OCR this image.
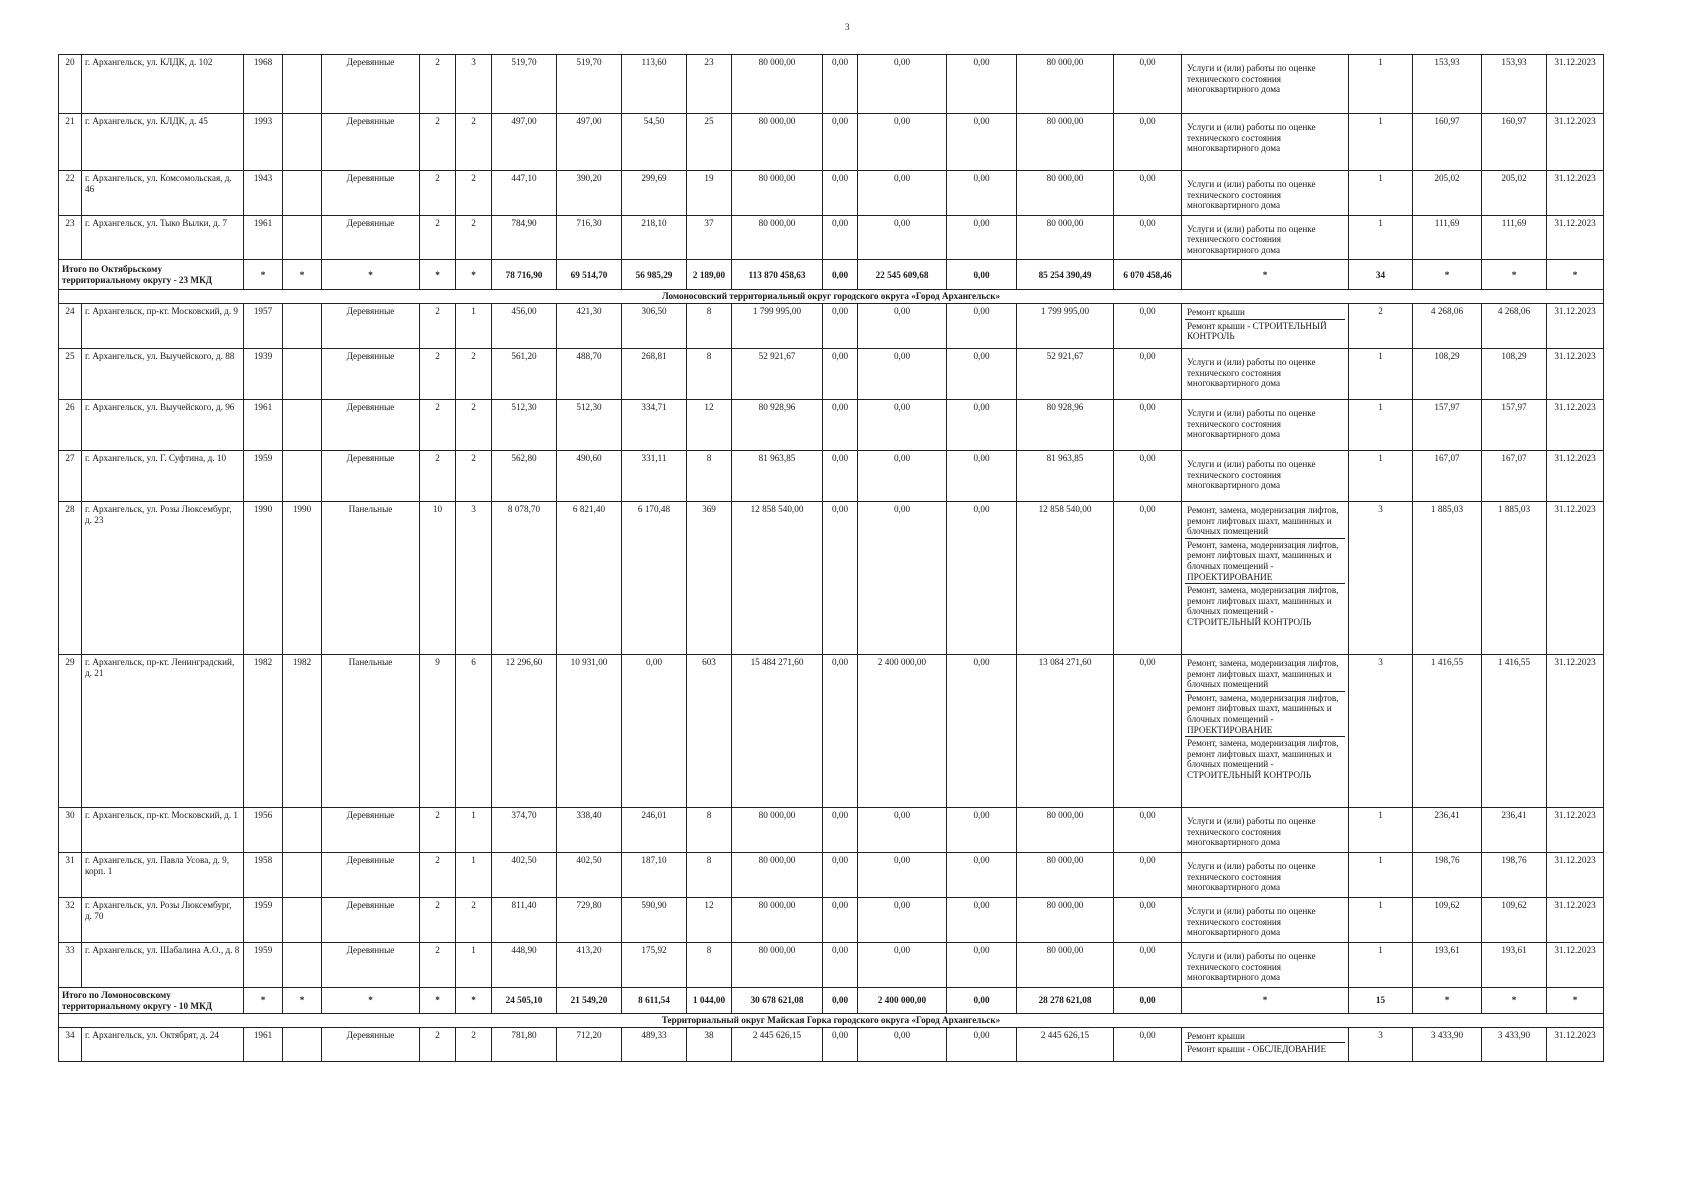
3
20	г. Архангельск, ул. КЛДК, д. 102	1968		Деревянные	2	3	519,70	519,70	113,60	23	80 000,00	0,00	0,00	0,00	80 000,00	0,00	Услуги и (или) работы по оценке технического состояния многоквартирного дома	1	153,93	153,93	31.12.2023
21	г. Архангельск, ул. КЛДК, д. 45	1993		Деревянные	2	2	497,00	497,00	54,50	25	80 000,00	0,00	0,00	0,00	80 000,00	0,00	Услуги и (или) работы по оценке технического состояния многоквартирного дома	1	160,97	160,97	31.12.2023
22	г. Архангельск, ул. Комсомольская, д. 46	1943		Деревянные	2	2	447,10	390,20	299,69	19	80 000,00	0,00	0,00	0,00	80 000,00	0,00	Услуги и (или) работы по оценке технического состояния многоквартирного дома	1	205,02	205,02	31.12.2023
23	г. Архангельск, ул. Тыко Вылки, д. 7	1961		Деревянные	2	2	784,90	716,30	218,10	37	80 000,00	0,00	0,00	0,00	80 000,00	0,00	Услуги и (или) работы по оценке технического состояния многоквартирного дома	1	111,69	111,69	31.12.2023
Итого по Октябрьскому территориальному округу - 23 МКД		*	*	*	*	*	78 716,90	69 514,70	56 985,29	2 189,00	113 870 458,63	0,00	22 545 609,68	0,00	85 254 390,49	6 070 458,46	*	34	*	*	*
Ломоносовский территориальный округ городского округа «Город Архангельск»																					
24	г. Архангельск, пр-кт. Московский, д. 9	1957		Деревянные	2	1	456,00	421,30	306,50	8	1 799 995,00	0,00	0,00	0,00	1 799 995,00	0,00	Ремонт крыши
Ремонт крыши - СТРОИТЕЛЬНЫЙ КОНТРОЛЬ	2	4 268,06	4 268,06	31.12.2023
25	г. Архангельск, ул. Выучейского, д. 88	1939		Деревянные	2	2	561,20	488,70	268,81	8	52 921,67	0,00	0,00	0,00	52 921,67	0,00	Услуги и (или) работы по оценке технического состояния многоквартирного дома	1	108,29	108,29	31.12.2023
26	г. Архангельск, ул. Выучейского, д. 96	1961		Деревянные	2	2	512,30	512,30	334,71	12	80 928,96	0,00	0,00	0,00	80 928,96	0,00	Услуги и (или) работы по оценке технического состояния многоквартирного дома	1	157,97	157,97	31.12.2023
27	г. Архангельск, ул. Г. Суфтина, д. 10	1959		Деревянные	2	2	562,80	490,60	331,11	8	81 963,85	0,00	0,00	0,00	81 963,85	0,00	Услуги и (или) работы по оценке технического состояния многоквартирного дома	1	167,07	167,07	31.12.2023
28	г. Архангельск, ул. Розы Люксембург, д. 23	1990	1990	Панельные	10	3	8 078,70	6 821,40	6 170,48	369	12 858 540,00	0,00	0,00	0,00	12 858 540,00	0,00	Ремонт, замена, модернизация лифтов, ремонт лифтовых шахт, машинных и блочных помещений
Ремонт, замена, модернизация лифтов, ремонт лифтовых шахт, машинных и блочных помещений - ПРОЕКТИРОВАНИЕ
Ремонт, замена, модернизация лифтов, ремонт лифтовых шахт, машинных и блочных помещений - СТРОИТЕЛЬНЫЙ КОНТРОЛЬ	3	1 885,03	1 885,03	31.12.2023
29	г. Архангельск, пр-кт. Ленинградский, д. 21	1982	1982	Панельные	9	6	12 296,60	10 931,00	0,00	603	15 484 271,60	0,00	2 400 000,00	0,00	13 084 271,60	0,00	Ремонт, замена, модернизация лифтов, ремонт лифтовых шахт, машинных и блочных помещений
Ремонт, замена, модернизация лифтов, ремонт лифтовых шахт, машинных и блочных помещений - ПРОЕКТИРОВАНИЕ
Ремонт, замена, модернизация лифтов, ремонт лифтовых шахт, машинных и блочных помещений - СТРОИТЕЛЬНЫЙ КОНТРОЛЬ	3	1 416,55	1 416,55	31.12.2023
30	г. Архангельск, пр-кт. Московский, д. 1	1956		Деревянные	2	1	374,70	338,40	246,01	8	80 000,00	0,00	0,00	0,00	80 000,00	0,00	Услуги и (или) работы по оценке технического состояния многоквартирного дома	1	236,41	236,41	31.12.2023
31	г. Архангельск, ул. Павла Усова, д. 9, корп. 1	1958		Деревянные	2	1	402,50	402,50	187,10	8	80 000,00	0,00	0,00	0,00	80 000,00	0,00	Услуги и (или) работы по оценке технического состояния многоквартирного дома	1	198,76	198,76	31.12.2023
32	г. Архангельск, ул. Розы Люксембург, д. 70	1959		Деревянные	2	2	811,40	729,80	590,90	12	80 000,00	0,00	0,00	0,00	80 000,00	0,00	Услуги и (или) работы по оценке технического состояния многоквартирного дома	1	109,62	109,62	31.12.2023
33	г. Архангельск, ул. Шабалина А.О., д. 8	1959		Деревянные	2	1	448,90	413,20	175,92	8	80 000,00	0,00	0,00	0,00	80 000,00	0,00	Услуги и (или) работы по оценке технического состояния многоквартирного дома	1	193,61	193,61	31.12.2023
Итого по Ломоносовскому территориальному округу - 10 МКД		*	*	*	*	*	24 505,10	21 549,20	8 611,54	1 044,00	30 678 621,08	0,00	2 400 000,00	0,00	28 278 621,08	0,00	*	15	*	*	*
Территориальный округ Майская Горка городского округа «Город Архангельск»																					
34	г. Архангельск, ул. Октябрят, д. 24	1961		Деревянные	2	2	781,80	712,20	489,33	38	2 445 626,15	0,00	0,00	0,00	2 445 626,15	0,00	Ремонт крыши
Ремонт крыши - ОБСЛЕДОВАНИЕ	3	3 433,90	3 433,90	31.12.2023
